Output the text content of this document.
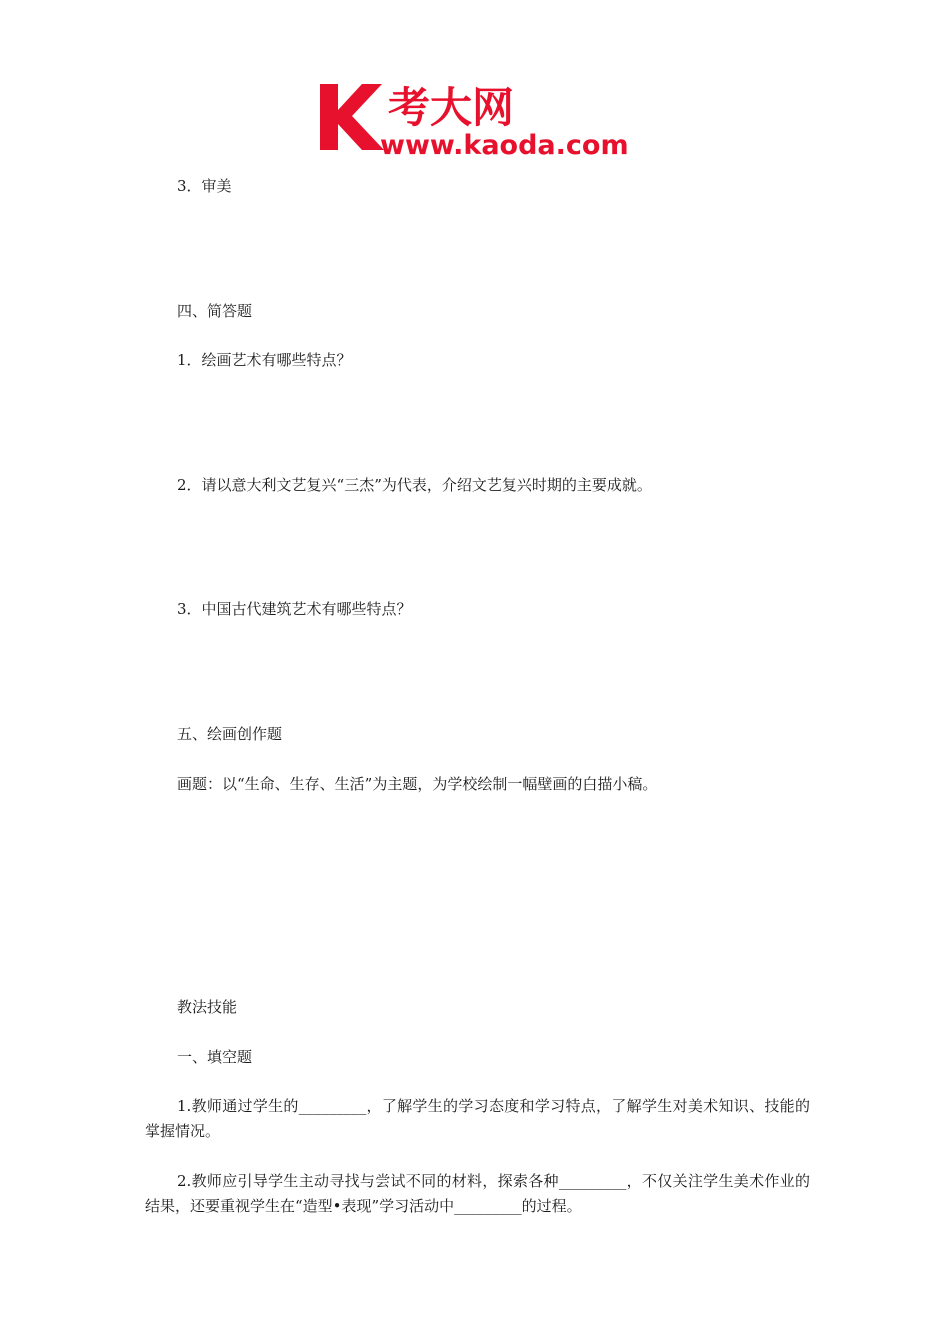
考大网
www.kaoda.com
3．审美
四、简答题
1．绘画艺术有哪些特点？
2．请以意大利文艺复兴“三杰”为代表，介绍文艺复兴时期的主要成就。
3．中国古代建筑艺术有哪些特点？
五、绘画创作题
画题：以“生命、生存、生活”为主题，为学校绘制一幅壁画的白描小稿。
教法技能
一、填空题
1.教师通过学生的_________，了解学生的学习态度和学习特点，了解学生对美术知识、技能的掌握情况。
2.教师应引导学生主动寻找与尝试不同的材料，探索各种_________，不仅关注学生美术作业的结果，还要重视学生在“造型•表现”学习活动中_________的过程。
